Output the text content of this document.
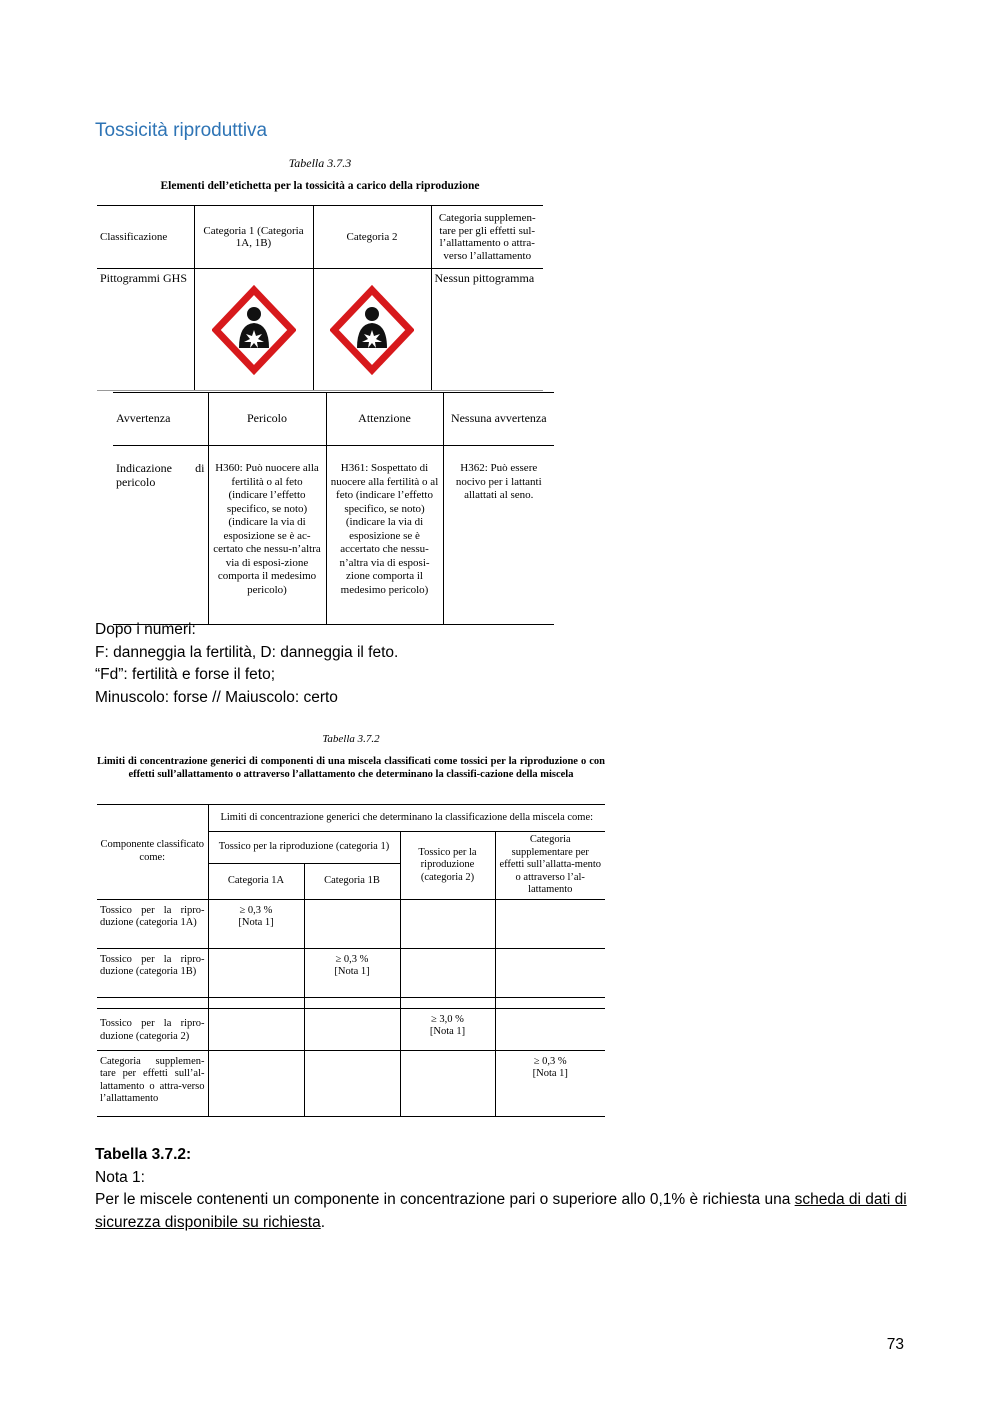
Tossicità riproduttiva
Tabella 3.7.3
Elementi dell’etichetta per la tossicità a carico della riproduzione
Classificazione	Categoria 1 (Categoria 1A, 1B)	Categoria 2	Categoria supplemen-tare per gli effetti sul-l’allattamento o attra-verso l’allattamento
Pittogrammi GHS			Nessun pittogramma
Avvertenza	Pericolo	Attenzione	Nessuna avvertenza
Indicazione di pericolo	H360: Può nuocere alla fertilità o al feto (indicare l’effetto specifico, se noto) (indicare la via di esposizione se è ac-certato che nessu-n’altra via di esposi-zione comporta il medesimo pericolo)	H361: Sospettato di nuocere alla fertilità o al feto (indicare l’effetto specifico, se noto) (indicare la via di esposizione se è accertato che nessu-n’altra via di esposi-zione comporta il medesimo pericolo)	H362: Può essere nocivo per i lattanti allattati al seno.
Dopo i numeri:
F: danneggia la fertilità, D: danneggia il feto.
“Fd”: fertilità e forse il feto;
Minuscolo: forse // Maiuscolo: certo
Tabella 3.7.2
Limiti di concentrazione generici di componenti di una miscela classificati come tossici per la riproduzione o con effetti sull’allattamento o attraverso l’allattamento che determinano la classifi-cazione della miscela
Componente classificato come:	Limiti di concentrazione generici che determinano la classificazione della miscela come:			
	Tossico per la riproduzione (categoria 1)		Tossico per la riproduzione (categoria 2)	Categoria supplementare per effetti sull’allatta-mento o attraverso l’al-lattamento
	Categoria 1A	Categoria 1B		
Tossico per la ripro-duzione (categoria 1A)	≥ 0,3 %
[Nota 1]			

Tossico per la ripro-duzione (categoria 1B)		≥ 0,3 %
[Nota 1]		

Tossico per la ripro-duzione (categoria 2)			≥ 3,0 %
[Nota 1]	

Categoria supplemen-tare per effetti sull’al-lattamento o attra-verso l’allattamento				≥ 0,3 %
[Nota 1]
Tabella 3.7.2:
Nota 1:
Per le miscele contenenti un componente in concentrazione pari o superiore allo 0,1% è richiesta una scheda di dati di sicurezza disponibile su richiesta.
73
